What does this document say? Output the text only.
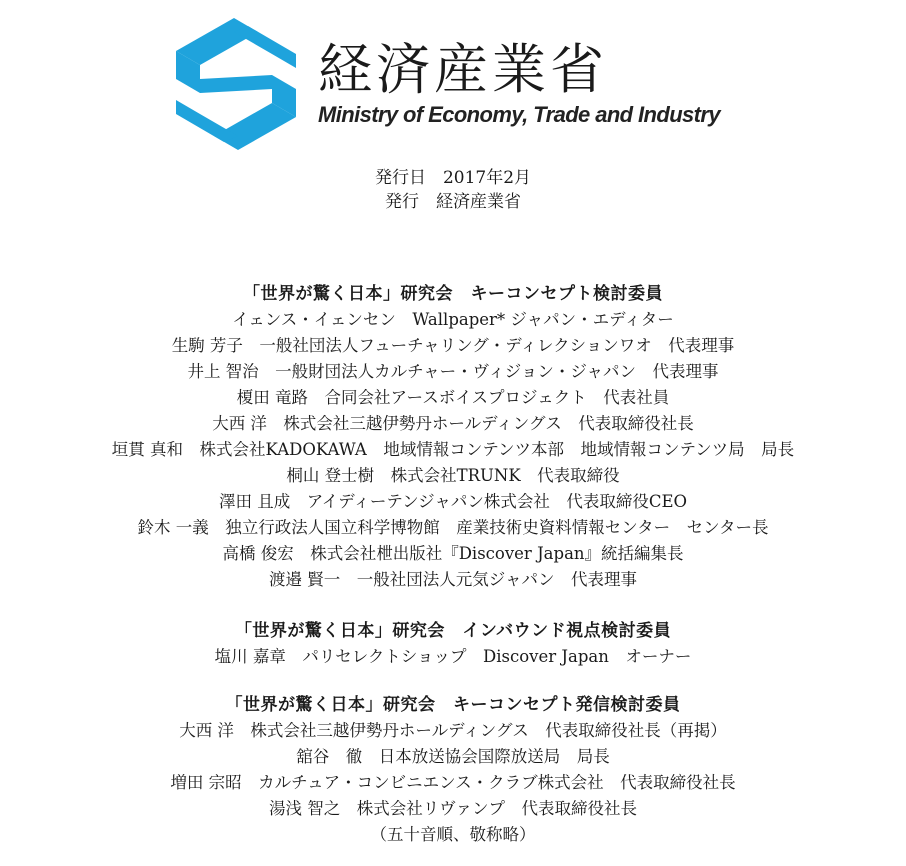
経済産業省
Ministry of Economy, Trade and Industry
発行日　2017年2月
発行　経済産業省
「世界が驚く日本」研究会　キーコンセプト検討委員
イェンス・イェンセン　Wallpaper* ジャパン・エディター
生駒 芳子　一般社団法人フューチャリング・ディレクションワオ　代表理事
井上 智治　一般財団法人カルチャー・ヴィジョン・ジャパン　代表理事
榎田 竜路　合同会社アースボイスプロジェクト　代表社員
大西 洋　株式会社三越伊勢丹ホールディングス　代表取締役社長
垣貫 真和　株式会社KADOKAWA　地域情報コンテンツ本部　地域情報コンテンツ局　局長
桐山 登士樹　株式会社TRUNK　代表取締役
澤田 且成　アイディーテンジャパン株式会社　代表取締役CEO
鈴木 一義　独立行政法人国立科学博物館　産業技術史資料情報センター　センター長
高橋 俊宏　株式会社枻出版社『Discover Japan』統括編集長
渡邉 賢一　一般社団法人元気ジャパン　代表理事
「世界が驚く日本」研究会　インバウンド視点検討委員
塩川 嘉章　パリセレクトショップ　Discover Japan　オーナー
「世界が驚く日本」研究会　キーコンセプト発信検討委員
大西 洋　株式会社三越伊勢丹ホールディングス　代表取締役社長（再掲）
舘谷　徹　日本放送協会国際放送局　局長
増田 宗昭　カルチュア・コンビニエンス・クラブ株式会社　代表取締役社長
湯浅 智之　株式会社リヴァンプ　代表取締役社長
（五十音順、敬称略）
